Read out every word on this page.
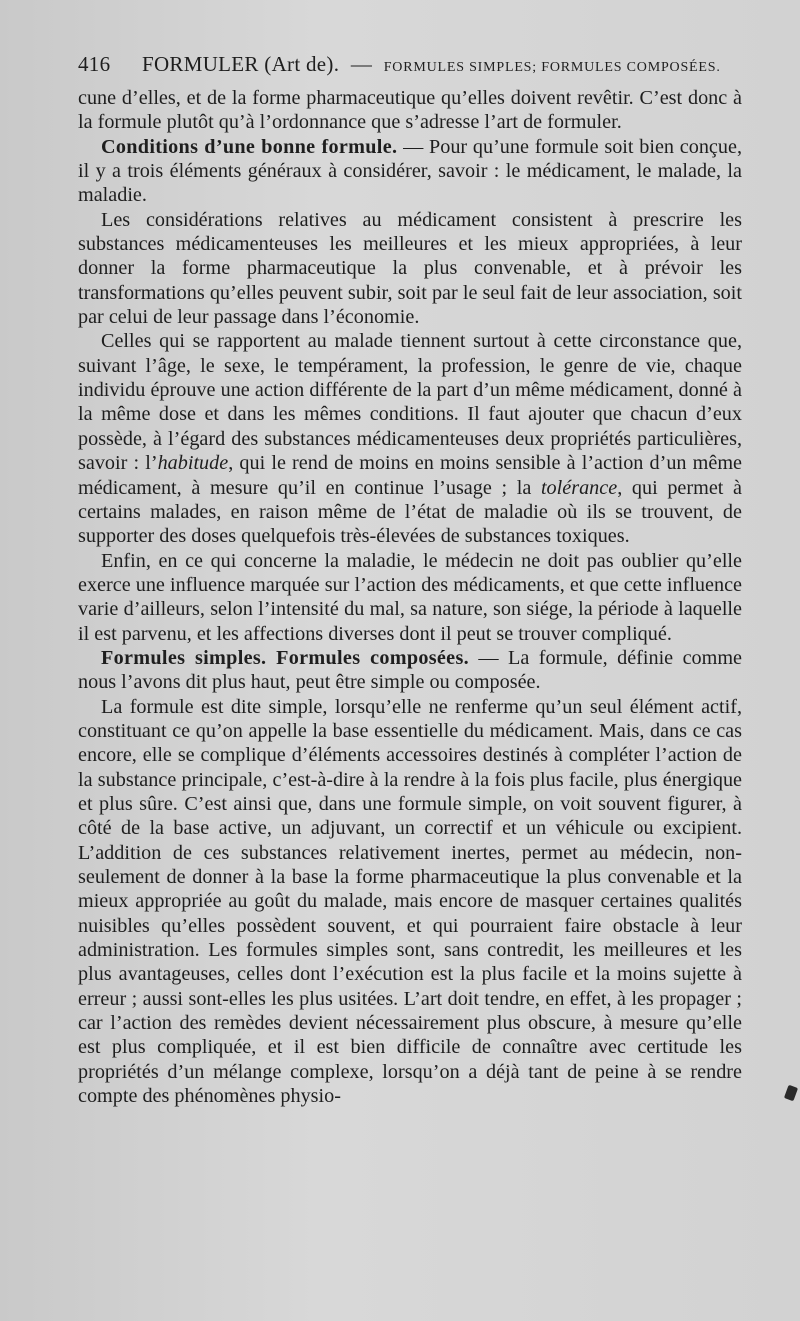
416 FORMULER (Art de). — FORMULES SIMPLES; FORMULES COMPOSÉES.

cune d’elles, et de la forme pharmaceutique qu’elles doivent revêtir. C’est donc à la formule plutôt qu’à l’ordonnance que s’adresse l’art de formuler.

Conditions d’une bonne formule. — Pour qu’une formule soit bien conçue, il y a trois éléments généraux à considérer, savoir : le médicament, le malade, la maladie.

Les considérations relatives au médicament consistent à prescrire les substances médicamenteuses les meilleures et les mieux appropriées, à leur donner la forme pharmaceutique la plus convenable, et à prévoir les transformations qu’elles peuvent subir, soit par le seul fait de leur association, soit par celui de leur passage dans l’économie.

Celles qui se rapportent au malade tiennent surtout à cette circonstance que, suivant l’âge, le sexe, le tempérament, la profession, le genre de vie, chaque individu éprouve une action différente de la part d’un même médicament, donné à la même dose et dans les mêmes conditions. Il faut ajouter que chacun d’eux possède, à l’égard des substances médicamenteuses deux propriétés particulières, savoir : l’habitude, qui le rend de moins en moins sensible à l’action d’un même médicament, à mesure qu’il en continue l’usage ; la tolérance, qui permet à certains malades, en raison même de l’état de maladie où ils se trouvent, de supporter des doses quelquefois très-élevées de substances toxiques.

Enfin, en ce qui concerne la maladie, le médecin ne doit pas oublier qu’elle exerce une influence marquée sur l’action des médicaments, et que cette influence varie d’ailleurs, selon l’intensité du mal, sa nature, son siége, la période à laquelle il est parvenu, et les affections diverses dont il peut se trouver compliqué.

Formules simples. Formules composées. — La formule, définie comme nous l’avons dit plus haut, peut être simple ou composée.

La formule est dite simple, lorsqu’elle ne renferme qu’un seul élément actif, constituant ce qu’on appelle la base essentielle du médicament. Mais, dans ce cas encore, elle se complique d’éléments accessoires destinés à compléter l’action de la substance principale, c’est-à-dire à la rendre à la fois plus facile, plus énergique et plus sûre. C’est ainsi que, dans une formule simple, on voit souvent figurer, à côté de la base active, un adjuvant, un correctif et un véhicule ou excipient. L’addition de ces substances relativement inertes, permet au médecin, non-seulement de donner à la base la forme pharmaceutique la plus convenable et la mieux appropriée au goût du malade, mais encore de masquer certaines qualités nuisibles qu’elles possèdent souvent, et qui pourraient faire obstacle à leur administration. Les formules simples sont, sans contredit, les meilleures et les plus avantageuses, celles dont l’exécution est la plus facile et la moins sujette à erreur ; aussi sont-elles les plus usitées. L’art doit tendre, en effet, à les propager ; car l’action des remèdes devient nécessairement plus obscure, à mesure qu’elle est plus compliquée, et il est bien difficile de connaître avec certitude les propriétés d’un mélange complexe, lorsqu’on a déjà tant de peine à se rendre compte des phénomènes physio-
